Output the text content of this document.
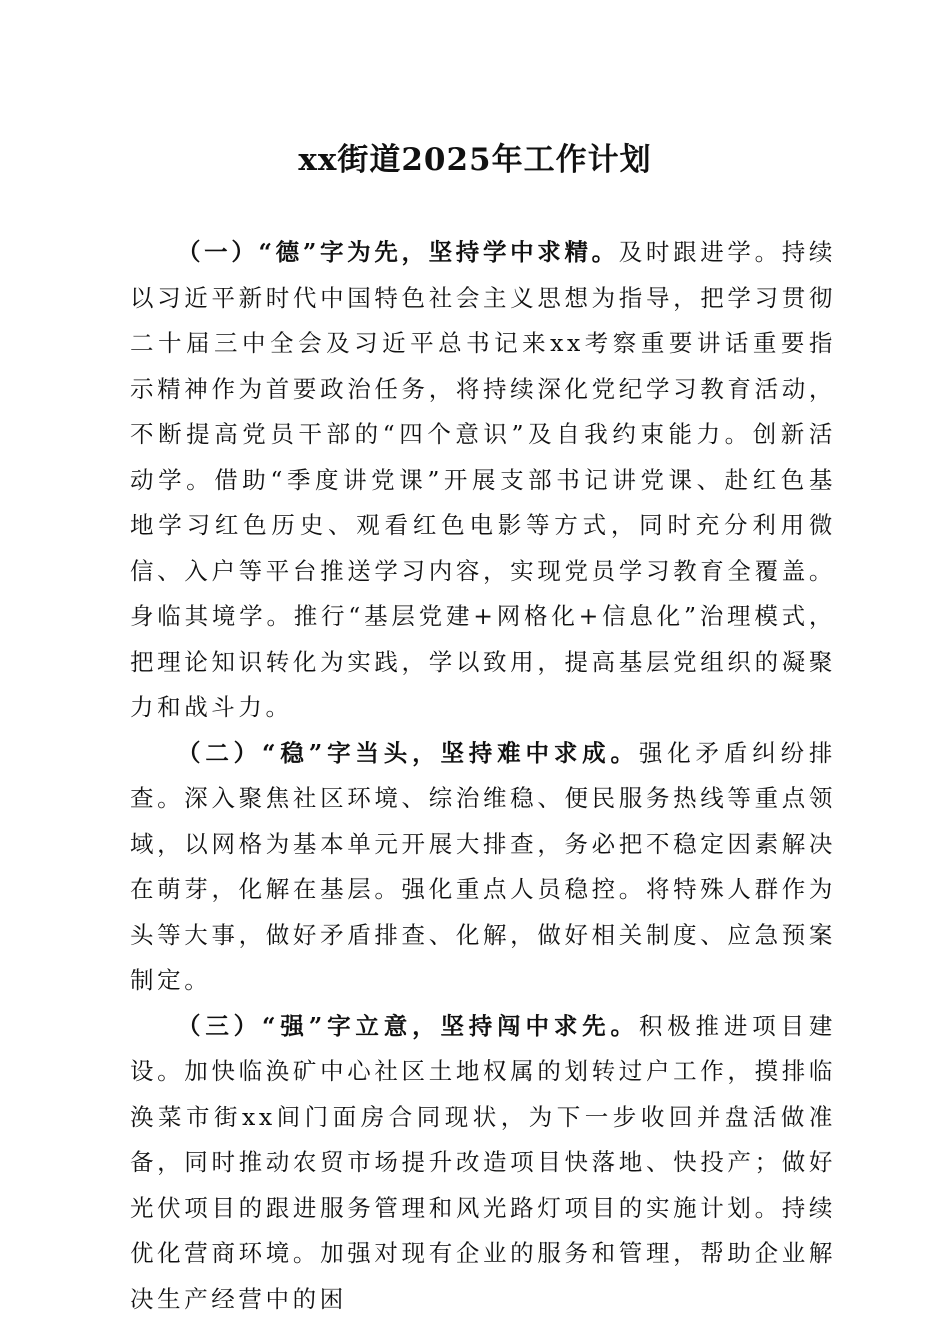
xx街道2025年工作计划

（一）“德”字为先，坚持学中求精。及时跟进学。持续以习近平新时代中国特色社会主义思想为指导，把学习贯彻二十届三中全会及习近平总书记来xx考察重要讲话重要指示精神作为首要政治任务，将持续深化党纪学习教育活动，不断提高党员干部的“四个意识”及自我约束能力。创新活动学。借助“季度讲党课”开展支部书记讲党课、赴红色基地学习红色历史、观看红色电影等方式，同时充分利用微信、入户等平台推送学习内容，实现党员学习教育全覆盖。身临其境学。推行“基层党建+网格化+信息化”治理模式，把理论知识转化为实践，学以致用，提高基层党组织的凝聚力和战斗力。

（二）“稳”字当头，坚持难中求成。强化矛盾纠纷排查。深入聚焦社区环境、综治维稳、便民服务热线等重点领域，以网格为基本单元开展大排查，务必把不稳定因素解决在萌芽，化解在基层。强化重点人员稳控。将特殊人群作为头等大事，做好矛盾排查、化解，做好相关制度、应急预案制定。

（三）“强”字立意，坚持闯中求先。积极推进项目建设。加快临涣矿中心社区土地权属的划转过户工作，摸排临涣菜市街xx间门面房合同现状，为下一步收回并盘活做准备，同时推动农贸市场提升改造项目快落地、快投产；做好光伏项目的跟进服务管理和风光路灯项目的实施计划。持续优化营商环境。加强对现有企业的服务和管理，帮助企业解决生产经营中的困
